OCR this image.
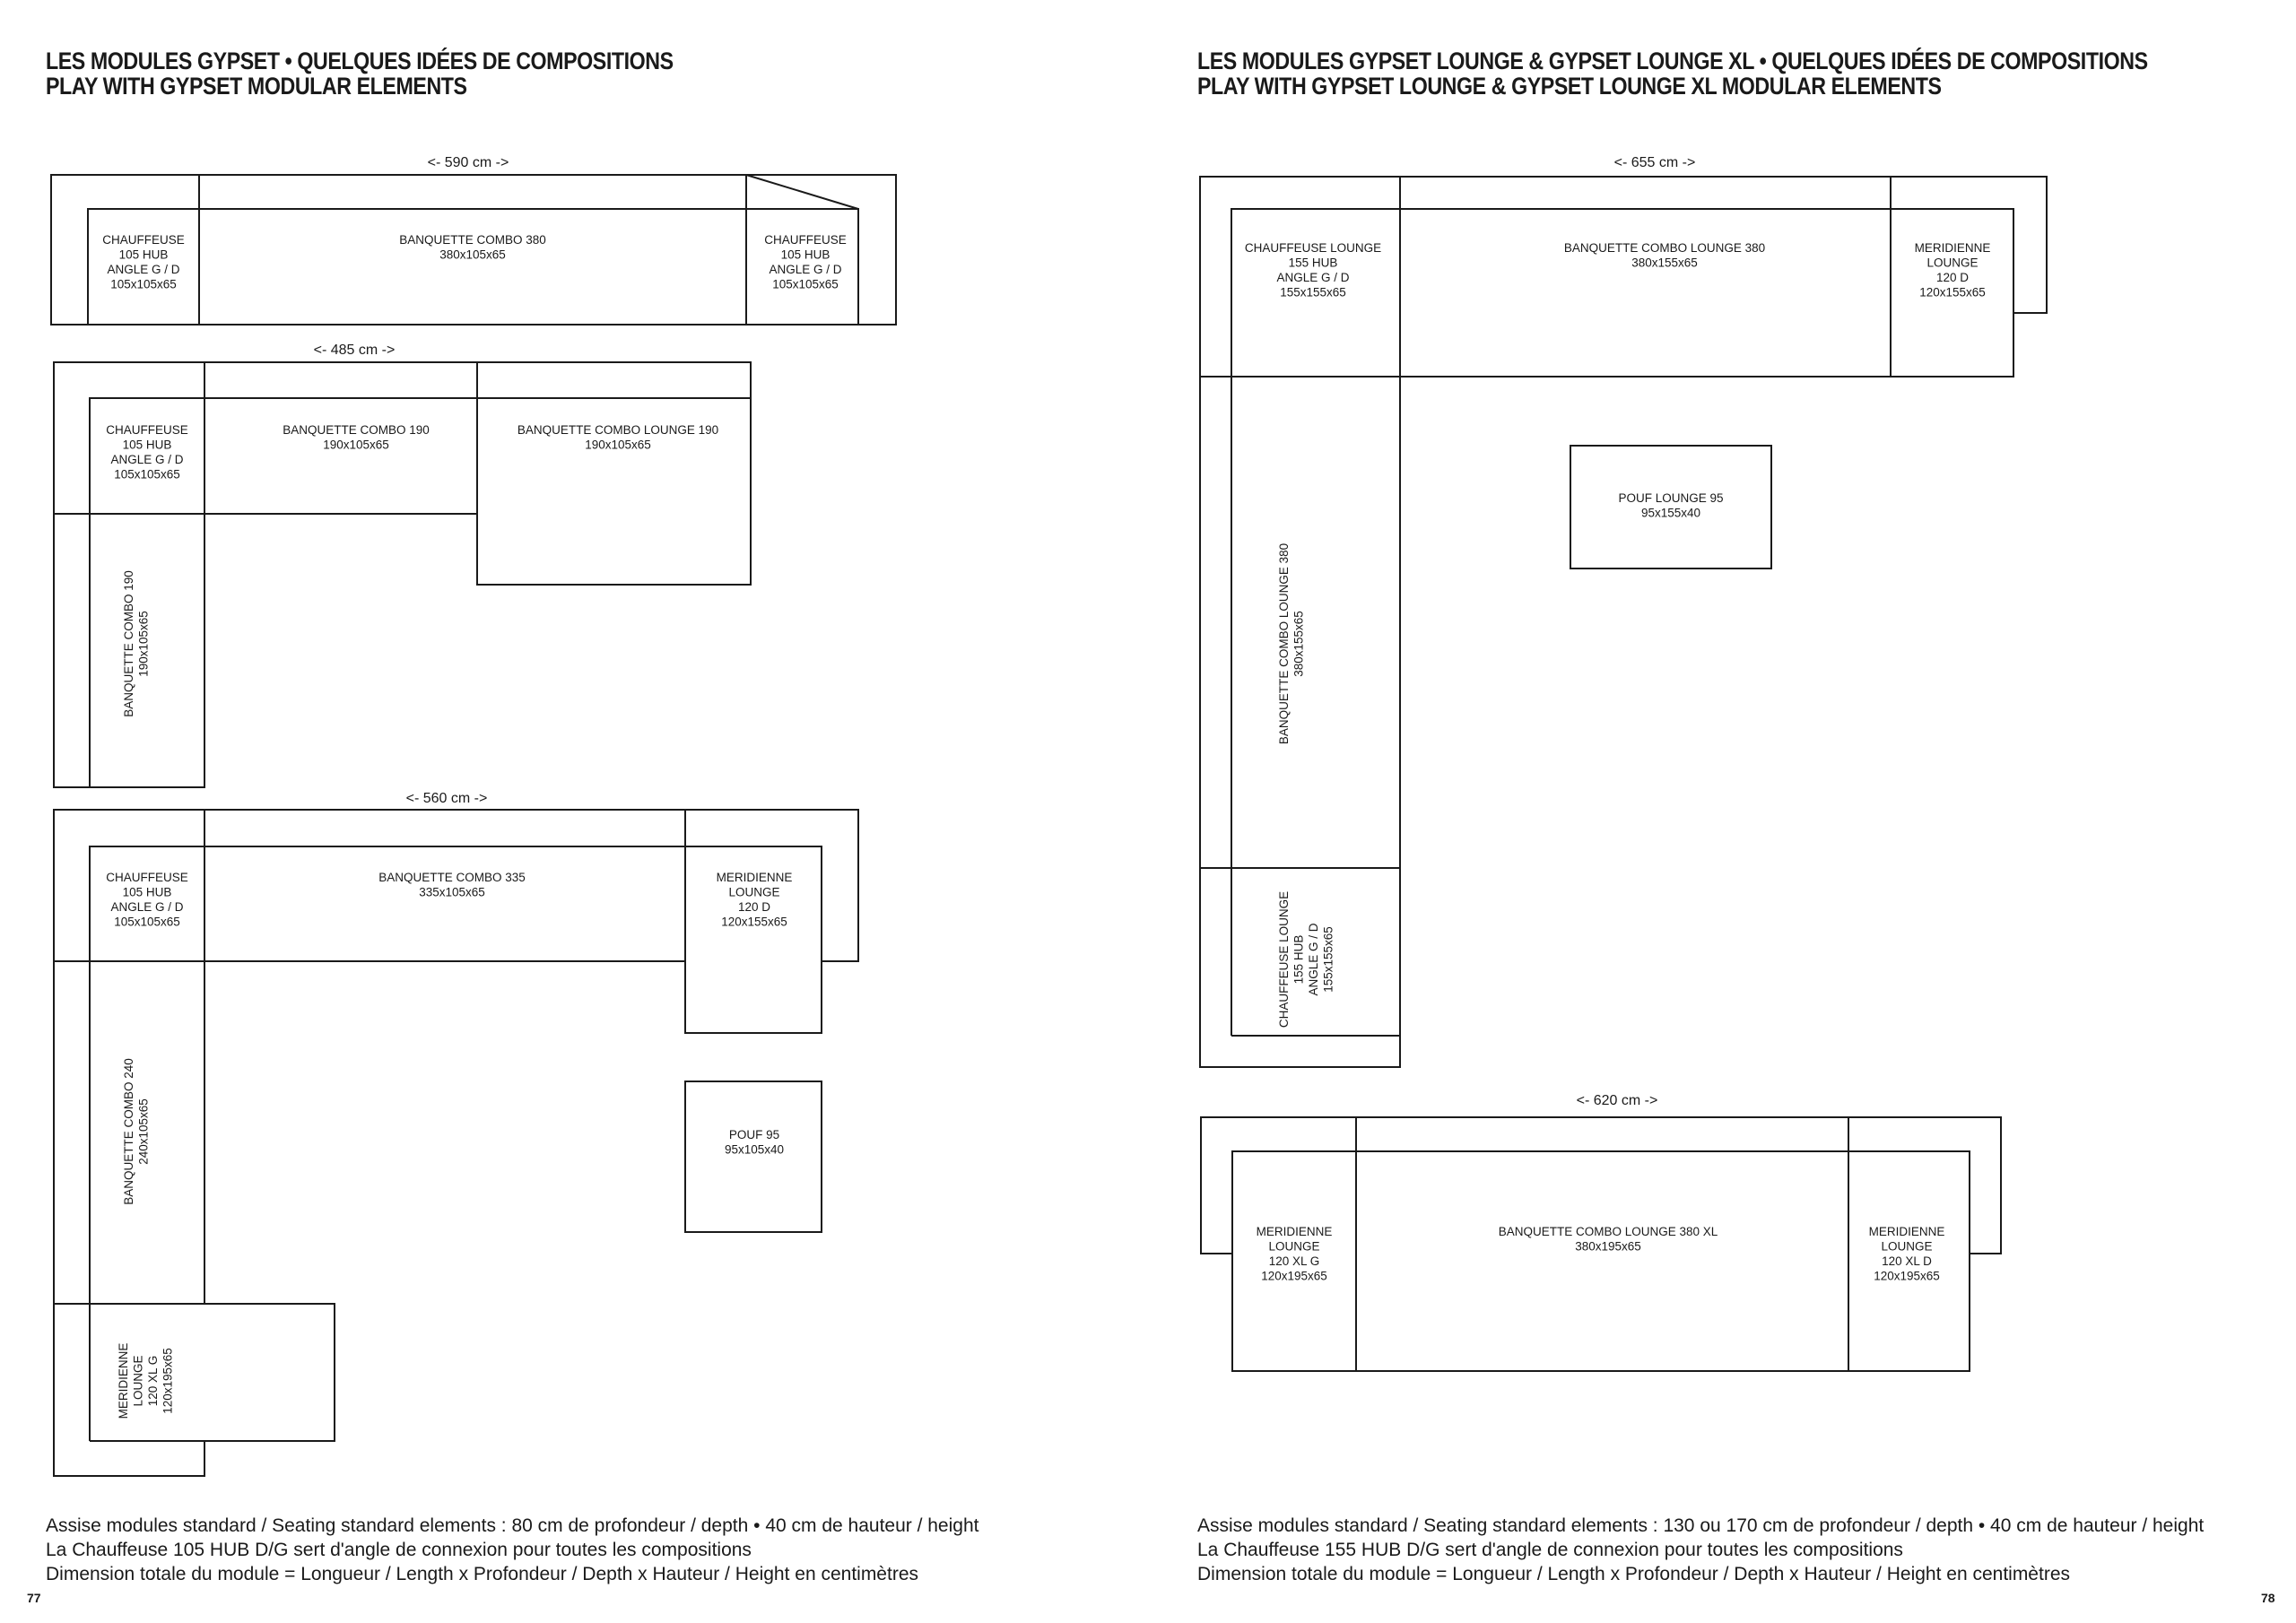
LES MODULES GYPSET • QUELQUES IDÉES DE COMPOSITIONS
PLAY WITH GYPSET MODULAR ELEMENTS
LES MODULES GYPSET LOUNGE & GYPSET LOUNGE XL • QUELQUES IDÉES DE COMPOSITIONS
PLAY WITH GYPSET LOUNGE & GYPSET LOUNGE XL MODULAR ELEMENTS
<- 590 cm ->
CHAUFFEUSE 105 HUB ANGLE G / D 105x105x65
BANQUETTE COMBO 380 380x105x65
CHAUFFEUSE 105 HUB ANGLE G / D 105x105x65
<- 485 cm ->
CHAUFFEUSE 105 HUB ANGLE G / D 105x105x65
BANQUETTE COMBO 190 190x105x65
BANQUETTE COMBO LOUNGE 190 190x105x65
BANQUETTE COMBO 190 190x105x65
<- 560 cm ->
CHAUFFEUSE 105 HUB ANGLE G / D 105x105x65
BANQUETTE COMBO 335 335x105x65
MERIDIENNE LOUNGE 120 D 120x155x65
POUF 95 95x105x40
BANQUETTE COMBO 240 240x105x65
MERIDIENNE LOUNGE 120 XL G 120x195x65
<- 655 cm ->
CHAUFFEUSE LOUNGE 155 HUB ANGLE G / D 155x155x65
BANQUETTE COMBO LOUNGE 380 380x155x65
MERIDIENNE LOUNGE 120 D 120x155x65
POUF LOUNGE 95 95x155x40
BANQUETTE COMBO LOUNGE 380 380x155x65
CHAUFFEUSE LOUNGE 155 HUB ANGLE G / D 155x155x65
<- 620 cm ->
MERIDIENNE LOUNGE 120 XL G 120x195x65
BANQUETTE COMBO LOUNGE 380 XL 380x195x65
MERIDIENNE LOUNGE 120 XL D 120x195x65
Assise modules standard / Seating standard elements : 80 cm de profondeur / depth • 40 cm de hauteur / height
La Chauffeuse 105 HUB D/G sert d'angle de connexion pour toutes les compositions
Dimension totale du module = Longueur / Length x Profondeur / Depth x Hauteur / Height en centimètres
Assise modules standard / Seating standard elements : 130 ou 170 cm de profondeur / depth • 40 cm de hauteur / height
La Chauffeuse 155 HUB D/G sert d'angle de connexion pour toutes les compositions
Dimension totale du module = Longueur / Length x Profondeur / Depth x Hauteur / Height en centimètres
77	78
